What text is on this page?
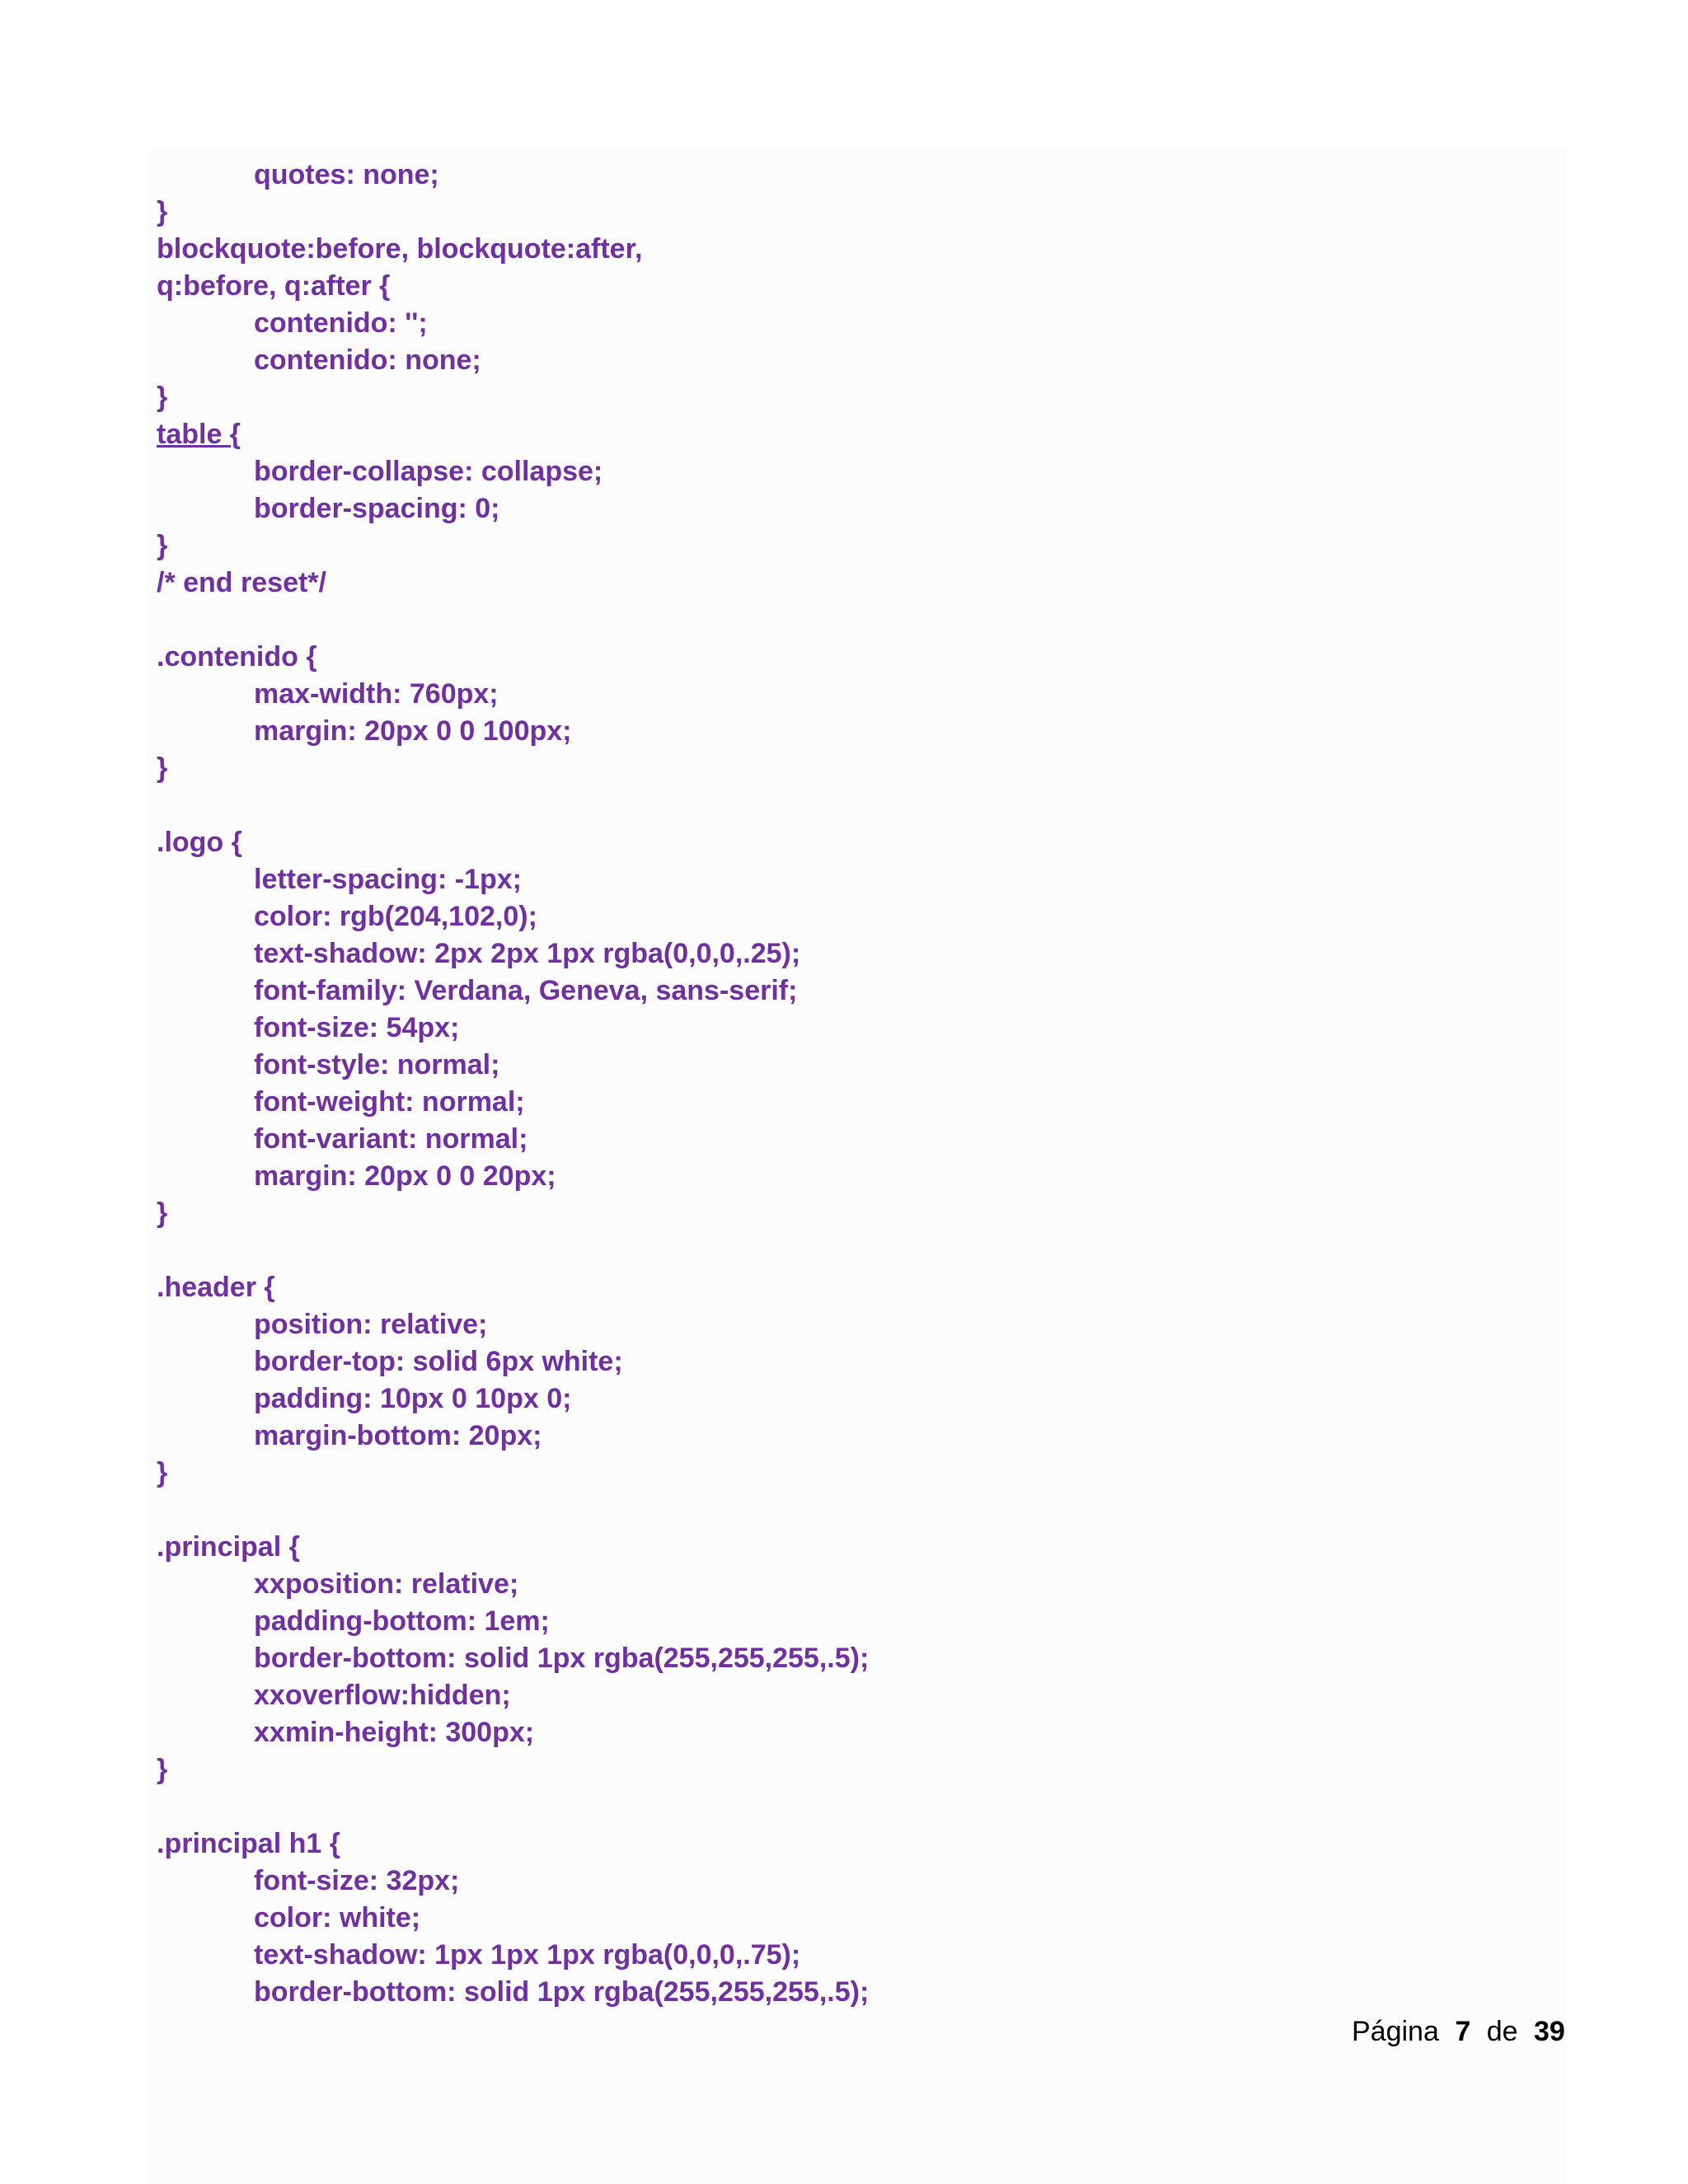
quotes: none;
}
blockquote:before, blockquote:after,
q:before, q:after {
contenido: '';
contenido: none;
}
table {
border-collapse: collapse;
border-spacing: 0;
}
/* end reset*/
.contenido {
max-width: 760px;
margin: 20px 0 0 100px;
}
.logo {
letter-spacing: -1px;
color: rgb(204,102,0);
text-shadow: 2px 2px 1px rgba(0,0,0,.25);
font-family: Verdana, Geneva, sans-serif;
font-size: 54px;
font-style: normal;
font-weight: normal;
font-variant: normal;
margin: 20px 0 0 20px;
}
.header {
position: relative;
border-top: solid 6px white;
padding: 10px 0 10px 0;
margin-bottom: 20px;
}
.principal {
xxposition: relative;
padding-bottom: 1em;
border-bottom: solid 1px rgba(255,255,255,.5);
xxoverflow:hidden;
xxmin-height: 300px;
}
.principal h1 {
font-size: 32px;
color: white;
text-shadow: 1px 1px 1px rgba(0,0,0,.75);
border-bottom: solid 1px rgba(255,255,255,.5);
Página 7 de 39
